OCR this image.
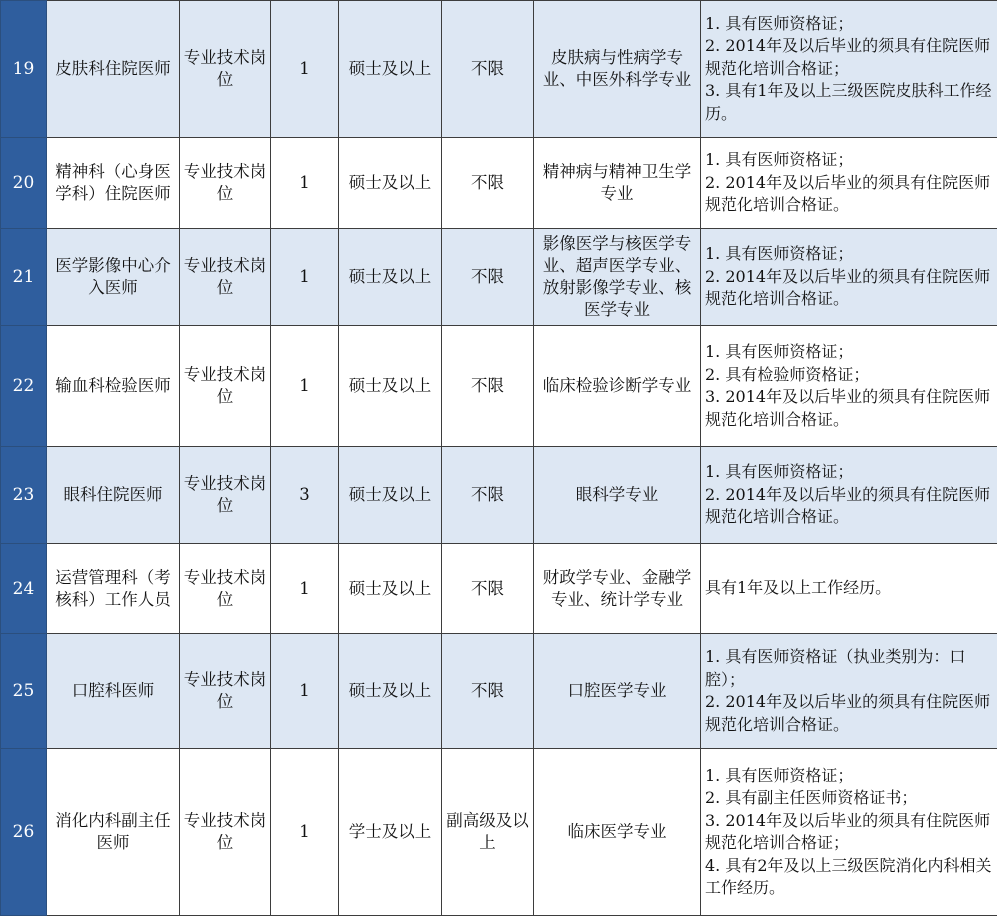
19	皮肤科住院医师	专业技术岗位	1	硕士及以上	不限	皮肤病与性病学专业、中医外科学专业	1. 具有医师资格证；
2. 2014年及以后毕业的须具有住院医师规范化培训合格证；
3. 具有1年及以上三级医院皮肤科工作经历。

20	精神科（心身医学科）住院医师	专业技术岗位	1	硕士及以上	不限	精神病与精神卫生学专业	1. 具有医师资格证；
2. 2014年及以后毕业的须具有住院医师规范化培训合格证。

21	医学影像中心介入医师	专业技术岗位	1	硕士及以上	不限	影像医学与核医学专业、超声医学专业、放射影像学专业、核医学专业	1. 具有医师资格证；
2. 2014年及以后毕业的须具有住院医师规范化培训合格证。

22	输血科检验医师	专业技术岗位	1	硕士及以上	不限	临床检验诊断学专业	1. 具有医师资格证；
2. 具有检验师资格证；
3. 2014年及以后毕业的须具有住院医师规范化培训合格证。

23	眼科住院医师	专业技术岗位	3	硕士及以上	不限	眼科学专业	1. 具有医师资格证；
2. 2014年及以后毕业的须具有住院医师规范化培训合格证。

24	运营管理科（考核科）工作人员	专业技术岗位	1	硕士及以上	不限	财政学专业、金融学专业、统计学专业	具有1年及以上工作经历。

25	口腔科医师	专业技术岗位	1	硕士及以上	不限	口腔医学专业	1. 具有医师资格证（执业类别为：口腔）；
2. 2014年及以后毕业的须具有住院医师规范化培训合格证。

26	消化内科副主任医师	专业技术岗位	1	学士及以上	副高级及以上	临床医学专业	1. 具有医师资格证；
2. 具有副主任医师资格证书；
3. 2014年及以后毕业的须具有住院医师规范化培训合格证；
4. 具有2年及以上三级医院消化内科相关工作经历。
